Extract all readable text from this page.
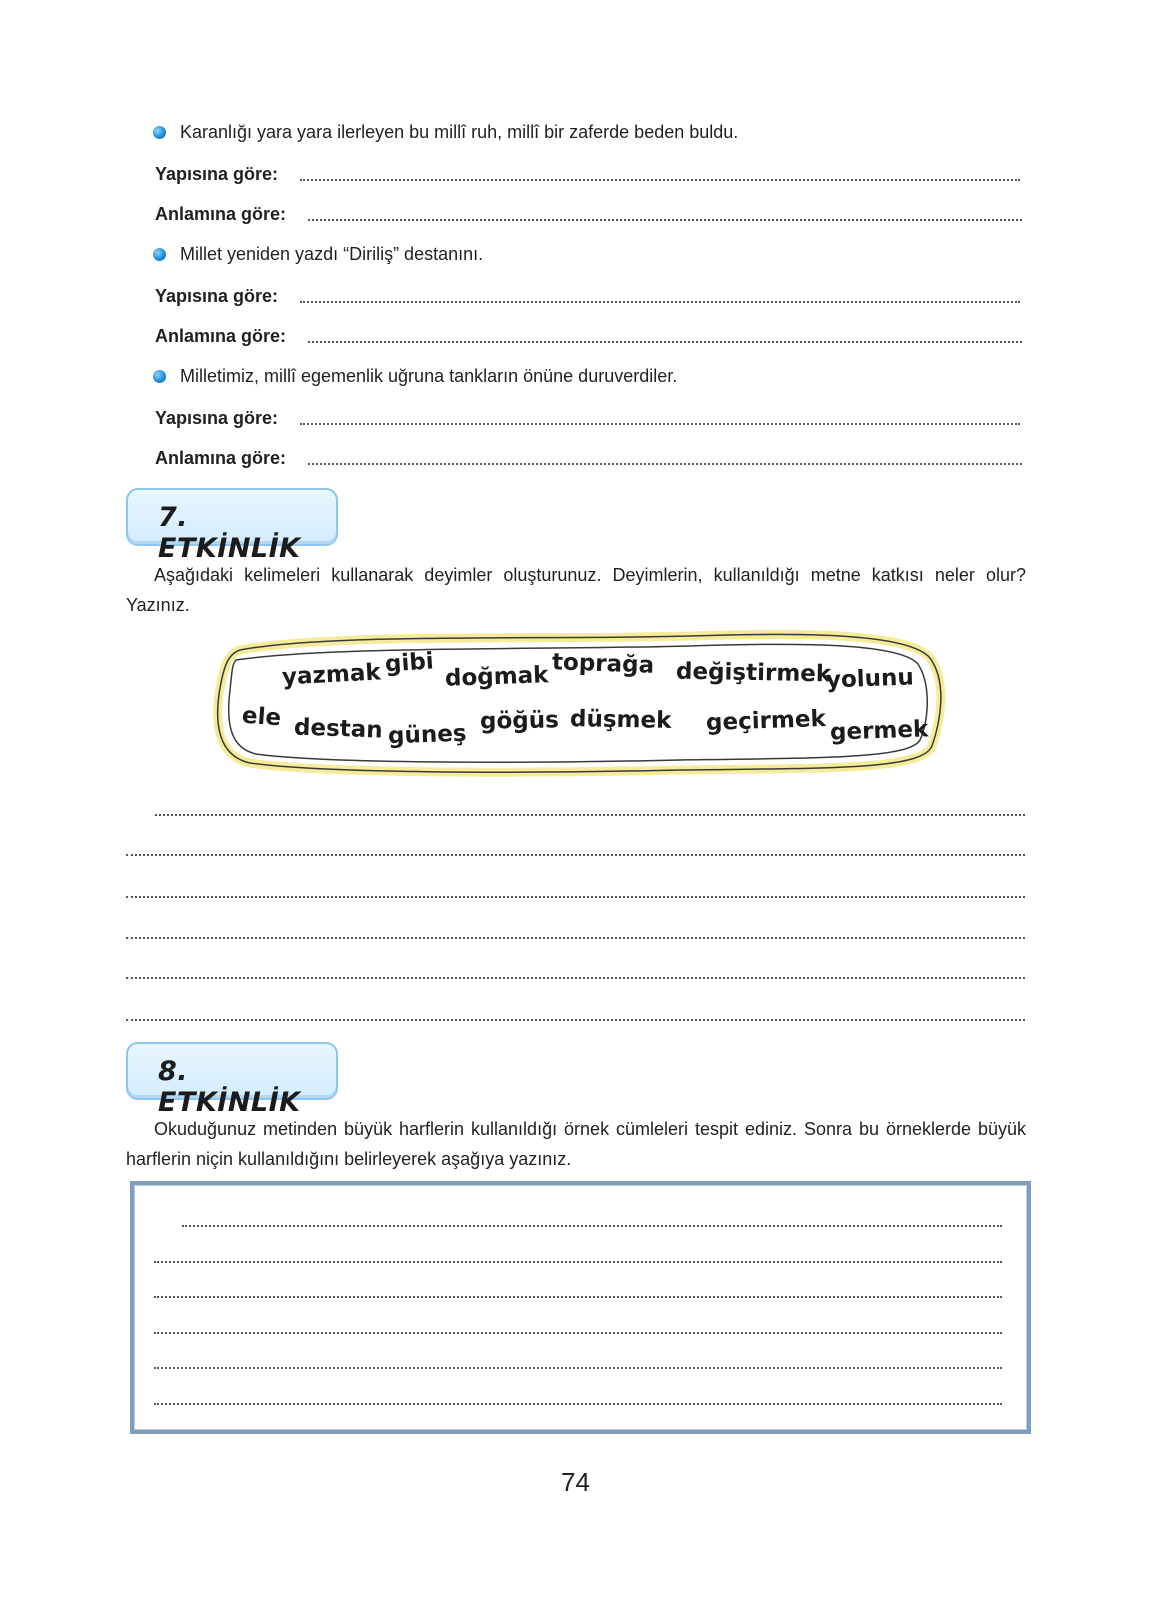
Karanlığı yara yara ilerleyen bu millî ruh, millî bir zaferde beden buldu.
Yapısına göre:
Anlamına göre:
Millet yeniden yazdı “Diriliş” destanını.
Yapısına göre:
Anlamına göre:
Milletimiz, millî egemenlik uğruna tankların önüne duruverdiler.
Yapısına göre:
Anlamına göre:
7. ETKİNLİK
Aşağıdaki kelimeleri kullanarak deyimler oluşturunuz. Deyimlerin, kullanıldığı metne katkısı neler olur? Yazınız.
yazmak gibi doğmak toprağa değiştirmek
yolunu
ele destan güneş göğüs düşmek geçirmek germek
8. ETKİNLİK
Okuduğunuz metinden büyük harflerin kullanıldığı örnek cümleleri tespit ediniz. Sonra bu örneklerde büyük harflerin niçin kullanıldığını belirleyerek aşağıya yazınız.
74
